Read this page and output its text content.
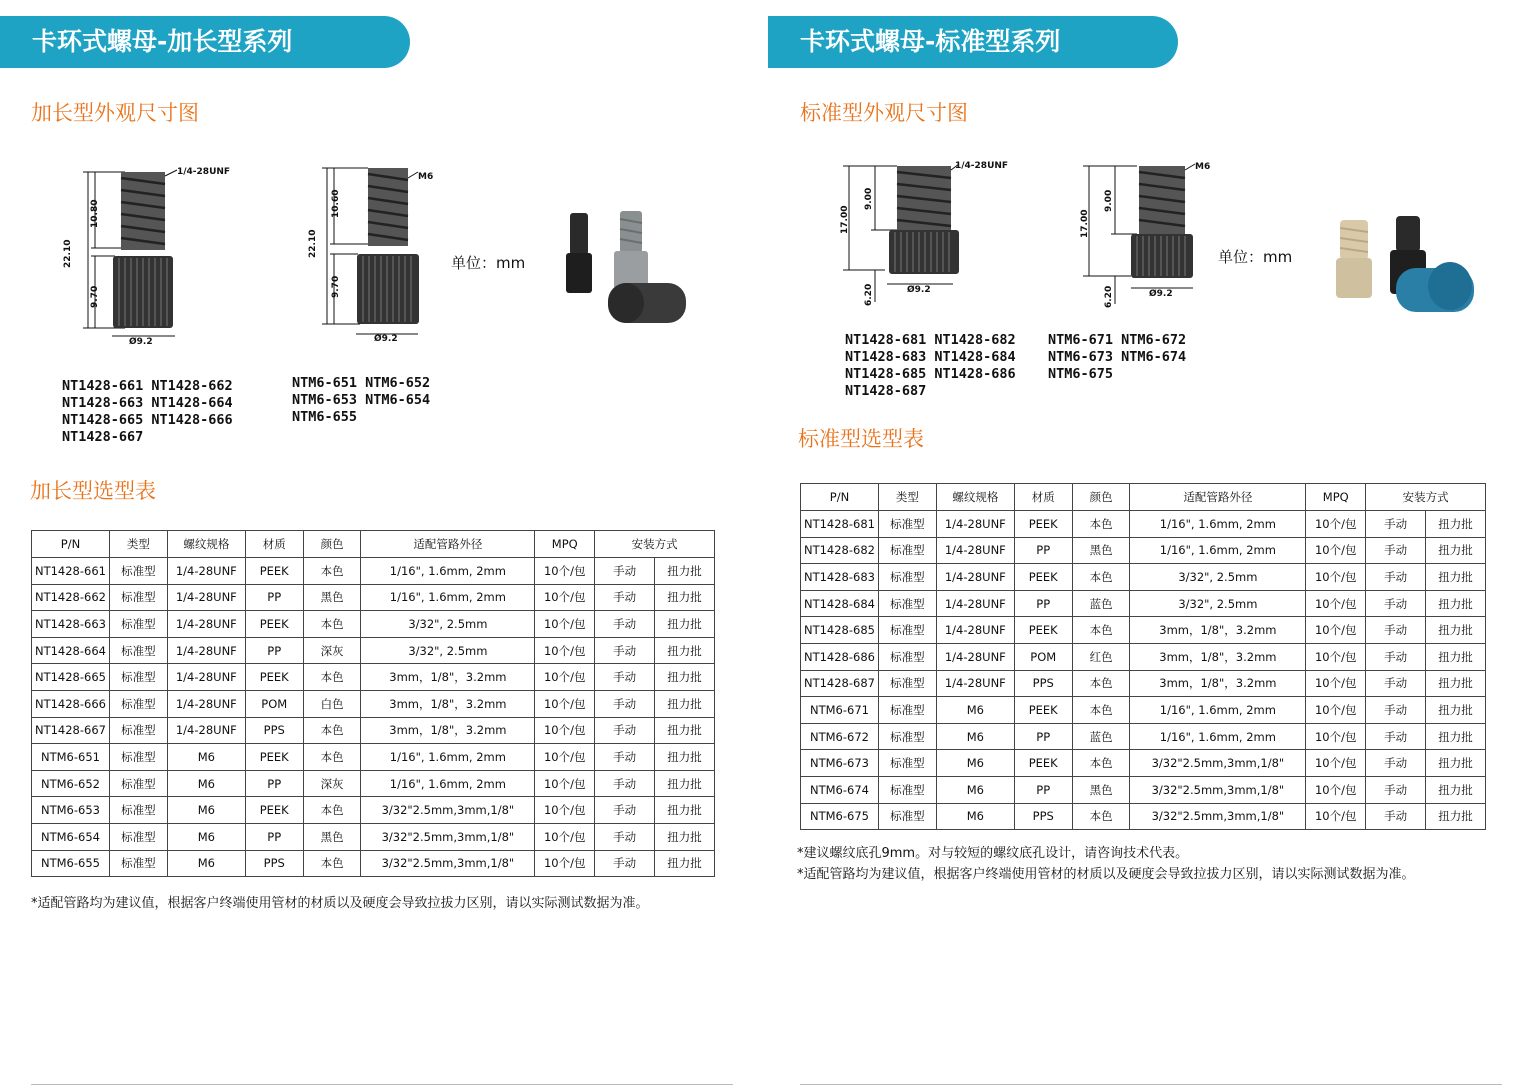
卡环式螺母-加长型系列
加长型外观尺寸图
1/4-28UNF
22.10
10.80
9.70
Ø9.2
M6
22.10
10.60
9.70
Ø9.2
单位：mm
NT1428-661 NT1428-662
NT1428-663 NT1428-664
NT1428-665 NT1428-666
NT1428-667
NTM6-651 NTM6-652
NTM6-653 NTM6-654
NTM6-655
加长型选型表
P/N	类型	螺纹规格	材质	颜色	适配管路外径	MPQ	安装方式	
NT1428-661	标准型	1/4-28UNF	PEEK	本色	1/16", 1.6mm, 2mm	10个/包	手动	扭力批
NT1428-662	标准型	1/4-28UNF	PP	黑色	1/16", 1.6mm, 2mm	10个/包	手动	扭力批
NT1428-663	标准型	1/4-28UNF	PEEK	本色	3/32", 2.5mm	10个/包	手动	扭力批
NT1428-664	标准型	1/4-28UNF	PP	深灰	3/32", 2.5mm	10个/包	手动	扭力批
NT1428-665	标准型	1/4-28UNF	PEEK	本色	3mm，1/8"，3.2mm	10个/包	手动	扭力批
NT1428-666	标准型	1/4-28UNF	POM	白色	3mm，1/8"，3.2mm	10个/包	手动	扭力批
NT1428-667	标准型	1/4-28UNF	PPS	本色	3mm，1/8"，3.2mm	10个/包	手动	扭力批
NTM6-651	标准型	M6	PEEK	本色	1/16", 1.6mm, 2mm	10个/包	手动	扭力批
NTM6-652	标准型	M6	PP	深灰	1/16", 1.6mm, 2mm	10个/包	手动	扭力批
NTM6-653	标准型	M6	PEEK	本色	3/32"2.5mm,3mm,1/8"	10个/包	手动	扭力批
NTM6-654	标准型	M6	PP	黑色	3/32"2.5mm,3mm,1/8"	10个/包	手动	扭力批
NTM6-655	标准型	M6	PPS	本色	3/32"2.5mm,3mm,1/8"	10个/包	手动	扭力批
*适配管路均为建议值，根据客户终端使用管材的材质以及硬度会导致拉拔力区别，请以实际测试数据为准。
卡环式螺母-标准型系列
标准型外观尺寸图
1/4-28UNF
17.00
9.00
6.20	Ø9.2
M6
17.00
9.00
6.20	Ø9.2
单位：mm
NT1428-681 NT1428-682
NT1428-683 NT1428-684
NT1428-685 NT1428-686
NT1428-687
NTM6-671 NTM6-672
NTM6-673 NTM6-674
NTM6-675
标准型选型表
P/N	类型	螺纹规格	材质	颜色	适配管路外径	MPQ	安装方式	
NT1428-681	标准型	1/4-28UNF	PEEK	本色	1/16", 1.6mm, 2mm	10个/包	手动	扭力批
NT1428-682	标准型	1/4-28UNF	PP	黑色	1/16", 1.6mm, 2mm	10个/包	手动	扭力批
NT1428-683	标准型	1/4-28UNF	PEEK	本色	3/32", 2.5mm	10个/包	手动	扭力批
NT1428-684	标准型	1/4-28UNF	PP	蓝色	3/32", 2.5mm	10个/包	手动	扭力批
NT1428-685	标准型	1/4-28UNF	PEEK	本色	3mm，1/8"，3.2mm	10个/包	手动	扭力批
NT1428-686	标准型	1/4-28UNF	POM	红色	3mm，1/8"，3.2mm	10个/包	手动	扭力批
NT1428-687	标准型	1/4-28UNF	PPS	本色	3mm，1/8"，3.2mm	10个/包	手动	扭力批
NTM6-671	标准型	M6	PEEK	本色	1/16", 1.6mm, 2mm	10个/包	手动	扭力批
NTM6-672	标准型	M6	PP	蓝色	1/16", 1.6mm, 2mm	10个/包	手动	扭力批
NTM6-673	标准型	M6	PEEK	本色	3/32"2.5mm,3mm,1/8"	10个/包	手动	扭力批
NTM6-674	标准型	M6	PP	黑色	3/32"2.5mm,3mm,1/8"	10个/包	手动	扭力批
NTM6-675	标准型	M6	PPS	本色	3/32"2.5mm,3mm,1/8"	10个/包	手动	扭力批
*建议螺纹底孔9mm。对与较短的螺纹底孔设计，请咨询技术代表。
*适配管路均为建议值，根据客户终端使用管材的材质以及硬度会导致拉拔力区别，请以实际测试数据为准。
